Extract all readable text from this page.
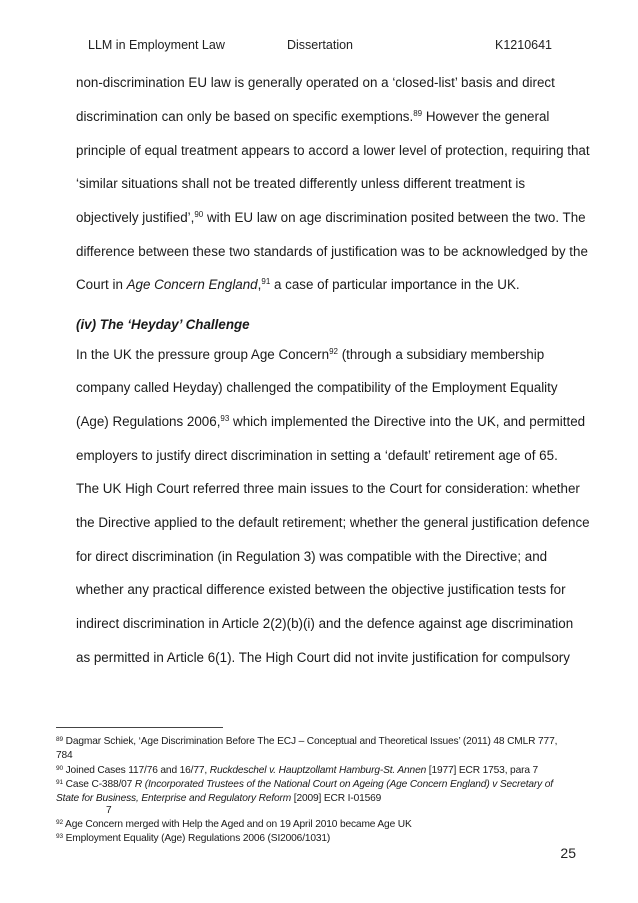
LLM in Employment Law	Dissertation	K1210641
non-discrimination EU law is generally operated on a ‘closed-list’ basis and direct
discrimination can only be based on specific exemptions.$^{89}$ However the general
principle of equal treatment appears to accord a lower level of protection, requiring that
‘similar situations shall not be treated differently unless different treatment is
objectively justified’,$^{90}$ with EU law on age discrimination posited between the two. The
difference between these two standards of justification was to be acknowledged by the
Court in Age Concern England,$^{91}$ a case of particular importance in the UK.
(iv) The ‘Heyday’ Challenge
In the UK the pressure group Age Concern$^{92}$ (through a subsidiary membership
company called Heyday) challenged the compatibility of the Employment Equality
(Age) Regulations 2006,93 which implemented the Directive into the UK, and permitted
employers to justify direct discrimination in setting a ‘default’ retirement age of 65.
The UK High Court referred three main issues to the Court for consideration: whether
the Directive applied to the default retirement; whether the general justification defence
for direct discrimination (in Regulation 3) was compatible with the Directive; and
whether any practical difference existed between the objective justification tests for
indirect discrimination in Article 2(2)(b)(i) and the defence against age discrimination
as permitted in Article 6(1). The High Court did not invite justification for compulsory
$^{89}$ Dagmar Schiek, ‘Age Discrimination Before The ECJ – Conceptual and Theoretical Issues’ (2011) 48 CMLR 777,
784
$^{90}$ Joined Cases 117/76 and 16/77, Ruckdeschel v. Hauptzollamt Hamburg-St. Annen [1977] ECR 1753, para 7
$^{91}$ Case C-388/07 R (Incorporated Trustees of the National Court on Ageing (Age Concern England) v Secretary of
State for Business, Enterprise and Regulatory Reform [2009] ECR I-01569
7
$^{92}$ Age Concern merged with Help the Aged and on 19 April 2010 became Age UK
$^{93}$ Employment Equality (Age) Regulations 2006 (SI2006/1031)
25
